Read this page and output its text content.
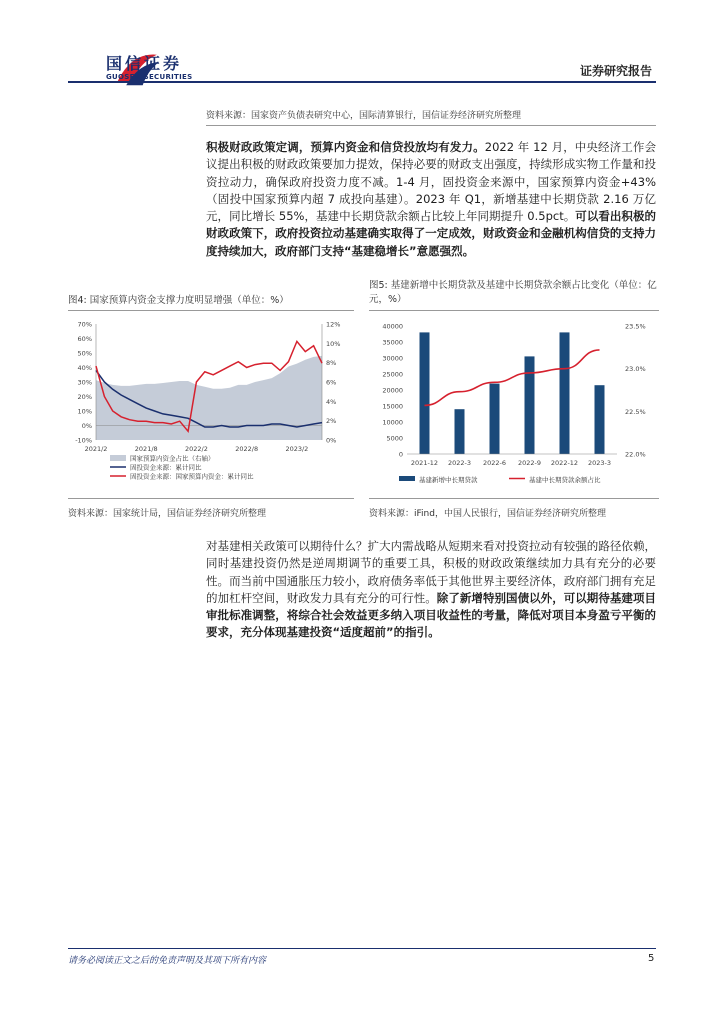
国信证券
GUOSEN SECURITIES	证券研究报告
资料来源：国家资产负债表研究中心，国际清算银行，国信证券经济研究所整理
积极财政政策定调，预算内资金和信贷投放均有发力。2022 年 12 月，中央经济工作会议提出积极的财政政策要加力提效，保持必要的财政支出强度，持续形成实物工作量和投资拉动力，确保政府投资力度不减。1-4 月，固投资金来源中，国家预算内资金+43%（固投中国家预算内超 7 成投向基建）。2023 年 Q1，新增基建中长期贷款 2.16 万亿元，同比增长 55%，基建中长期贷款余额占比较上年同期提升 0.5pct。可以看出积极的财政政策下，政府投资拉动基建确实取得了一定成效，财政资金和金融机构信贷的支持力度持续加大，政府部门支持“基建稳增长”意愿强烈。
图4: 国家预算内资金支撑力度明显增强（单位：%）
图5: 基建新增中长期贷款及基建中长期贷款余额占比变化（单位：亿元，%）
70%
60%
50%
40%
30%
20%
10%
0%
-10%
12%
10%
8%
6%
4%
2%
0%
2021/2	2021/8	2022/2	2022/8	2023/2
国家预算内资金占比（右轴）
固投资金来源：累计同比
固投资金来源：国家预算内资金：累计同比
40000
35000
30000
25000
20000
15000
10000
5000
0
23.5%
23.0%
22.5%
22.0%
2021-12 2022-3 2022-6 2022-9 2022-12 2023-3
基建新增中长期贷款	基建中长期贷款余额占比
资料来源：国家统计局，国信证券经济研究所整理	资料来源：iFind，中国人民银行，国信证券经济研究所整理
对基建相关政策可以期待什么？扩大内需战略从短期来看对投资拉动有较强的路径依赖，同时基建投资仍然是逆周期调节的重要工具，积极的财政政策继续加力具有充分的必要性。而当前中国通胀压力较小，政府债务率低于其他世界主要经济体，政府部门拥有充足的加杠杆空间，财政发力具有充分的可行性。除了新增特别国债以外，可以期待基建项目审批标准调整，将综合社会效益更多纳入项目收益性的考量，降低对项目本身盈亏平衡的要求，充分体现基建投资“适度超前”的指引。
请务必阅读正文之后的免责声明及其项下所有内容	5
